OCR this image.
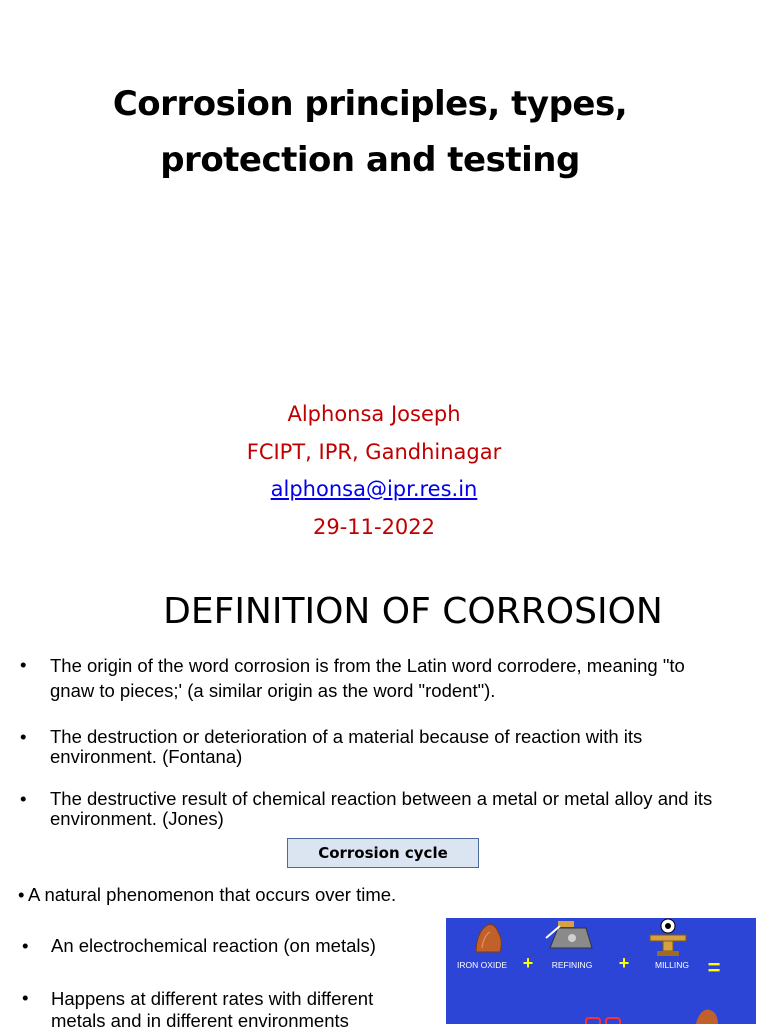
Corrosion principles, types, protection and testing
Alphonsa Joseph
FCIPT, IPR, Gandhinagar
alphonsa@ipr.res.in
29-11-2022
DEFINITION OF CORROSION
• The origin of the word corrosion is from the Latin word corrodere, meaning "to gnaw to pieces;' (a similar origin as the word "rodent").
• The destruction or deterioration of a material because of reaction with its environment. (Fontana)
• The destructive result of chemical reaction between a metal or metal alloy and its environment. (Jones)
Corrosion cycle
• A natural phenomenon that occurs over time.
• An electrochemical reaction (on metals)
• Happens at different rates with different metals and in different environments
IRON OXIDE + REFINING +	MILLING =
